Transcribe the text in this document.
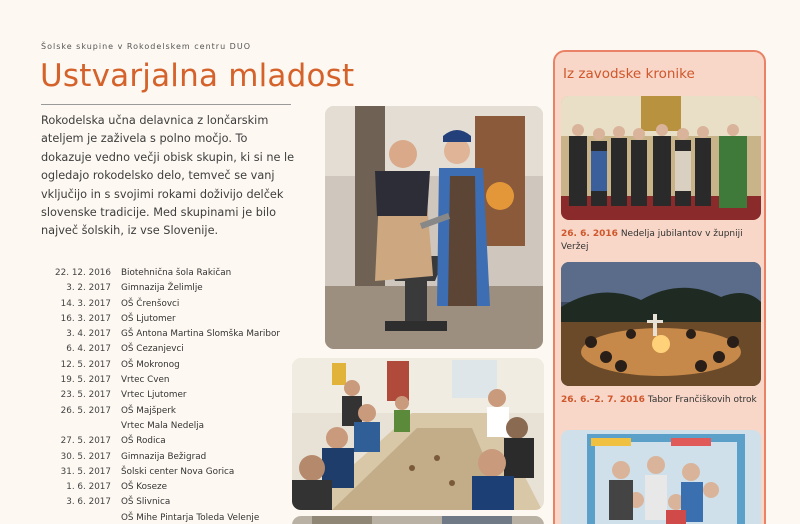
Šolske skupine v Rokodelskem centru DUO
Ustvarjalna mladost

Rokodelska učna delavnica z lončarskim ateljem je zaživela s polno močjo. To dokazuje vedno večji obisk skupin, ki si ne le ogledajo rokodelsko delo, temveč se vanj vključijo in s svojimi rokami doživijo delček slovenske tradicije. Med skupinami je bilo največ šolskih, iz vse Slovenije.

22. 12. 2016	Biotehnična šola Rakičan
3. 2. 2017	Gimnazija Želimlje
14. 3. 2017	OŠ Črenšovci
16. 3. 2017	OŠ Ljutomer
3. 4. 2017	GŠ Antona Martina Slomška Maribor
6. 4. 2017	OŠ Cezanjevci
12. 5. 2017	OŠ Mokronog
19. 5. 2017	Vrtec Cven
23. 5. 2017	Vrtec Ljutomer
26. 5. 2017	OŠ Majšperk
Vrtec Mala Nedelja
27. 5. 2017	OŠ Rodica
30. 5. 2017	Gimnazija Bežigrad
31. 5. 2017	Šolski center Nova Gorica
1. 6. 2017	OŠ Koseze
3. 6. 2017	OŠ Slivnica
OŠ Mihe Pintarja Toleda Velenje
Iz zavodske kronike
26. 6. 2016 Nedelja jubilantov v župniji Veržej
26. 6.–2. 7. 2016 Tabor Frančiškovih otrok
